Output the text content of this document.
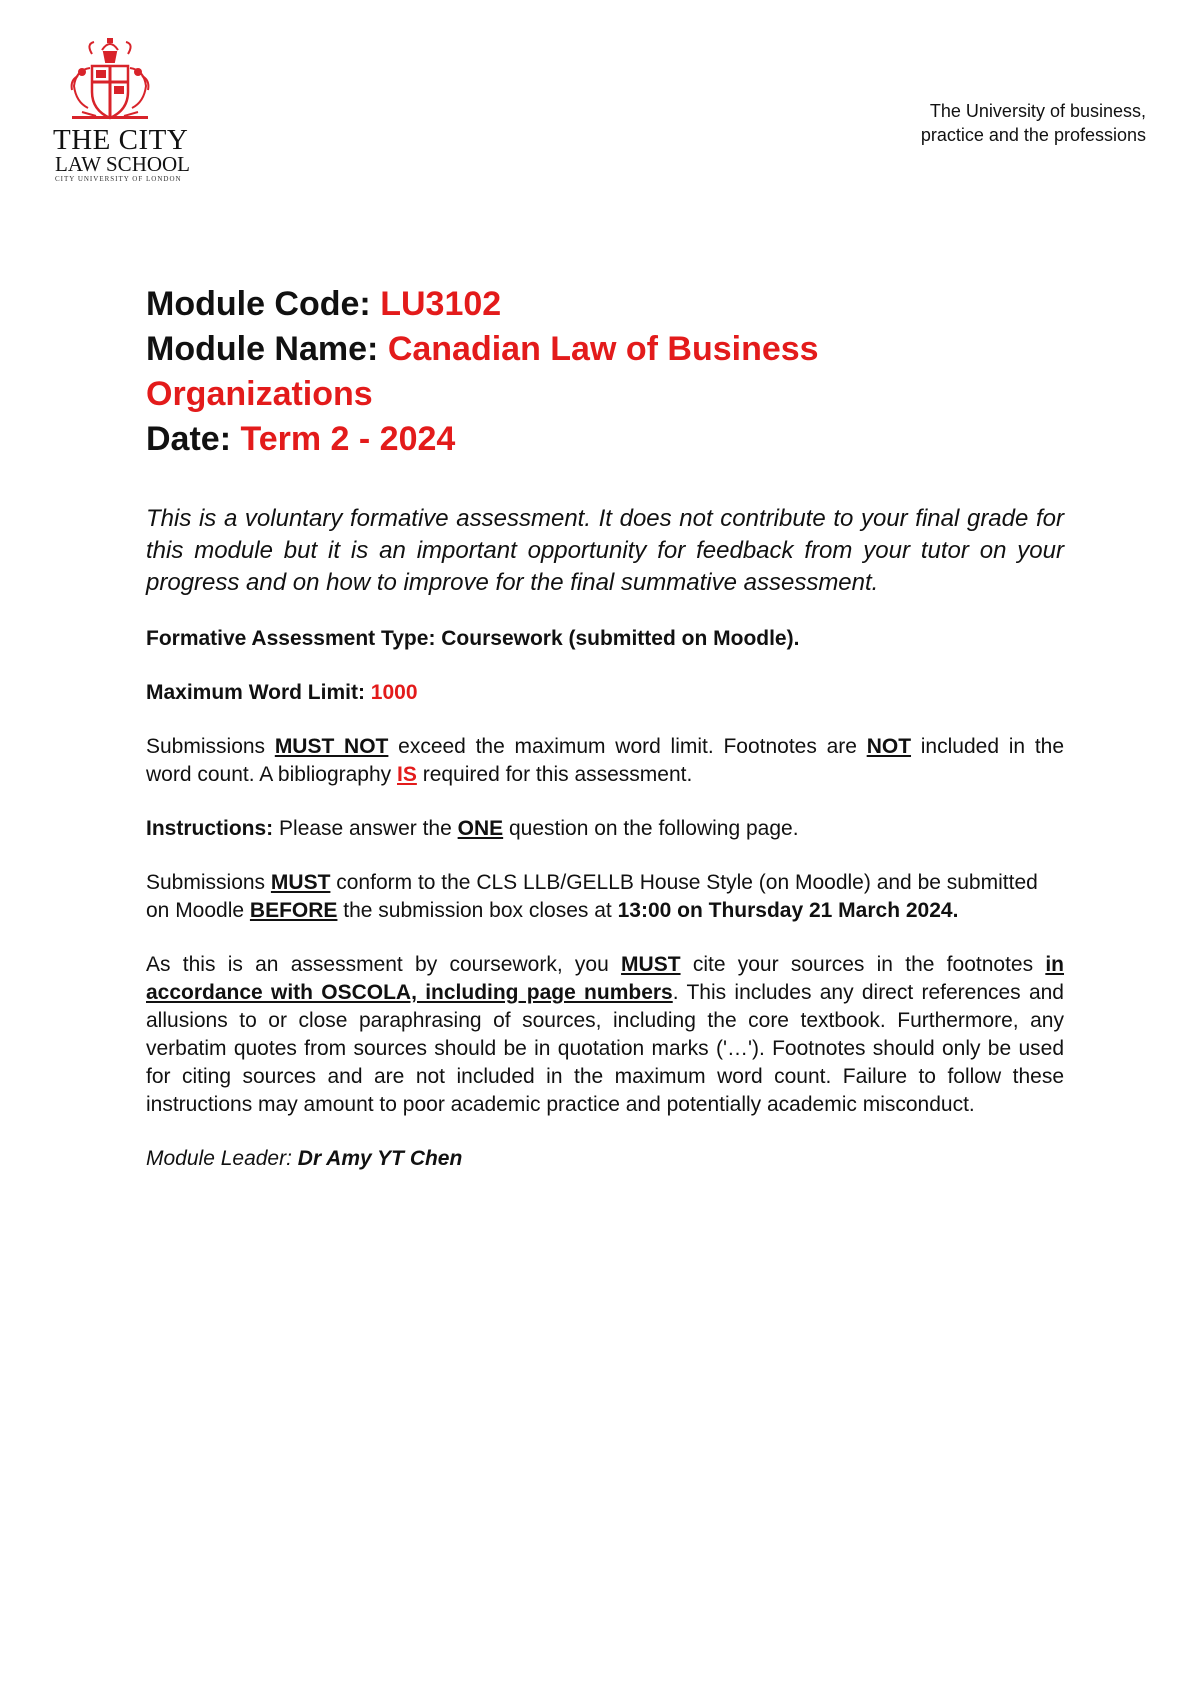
THE CITY
LAW SCHOOL
CITY UNIVERSITY OF LONDON
The University of business,
practice and the professions
Module Code: LU3102
Module Name: Canadian Law of Business
Organizations
Date: Term 2 - 2024

This is a voluntary formative assessment. It does not contribute to your final grade for this module but it is an important opportunity for feedback from your tutor on your progress and on how to improve for the final summative assessment.

Formative Assessment Type: Coursework (submitted on Moodle).

Maximum Word Limit: 1000

Submissions MUST NOT exceed the maximum word limit. Footnotes are NOT included in the word count. A bibliography IS required for this assessment.

Instructions: Please answer the ONE question on the following page.

Submissions MUST conform to the CLS LLB/GELLB House Style (on Moodle) and be submitted on Moodle BEFORE the submission box closes at 13:00 on Thursday 21 March 2024.

As this is an assessment by coursework, you MUST cite your sources in the footnotes in accordance with OSCOLA, including page numbers. This includes any direct references and allusions to or close paraphrasing of sources, including the core textbook. Furthermore, any verbatim quotes from sources should be in quotation marks ('…'). Footnotes should only be used for citing sources and are not included in the maximum word count. Failure to follow these instructions may amount to poor academic practice and potentially academic misconduct.

Module Leader: Dr Amy YT Chen
